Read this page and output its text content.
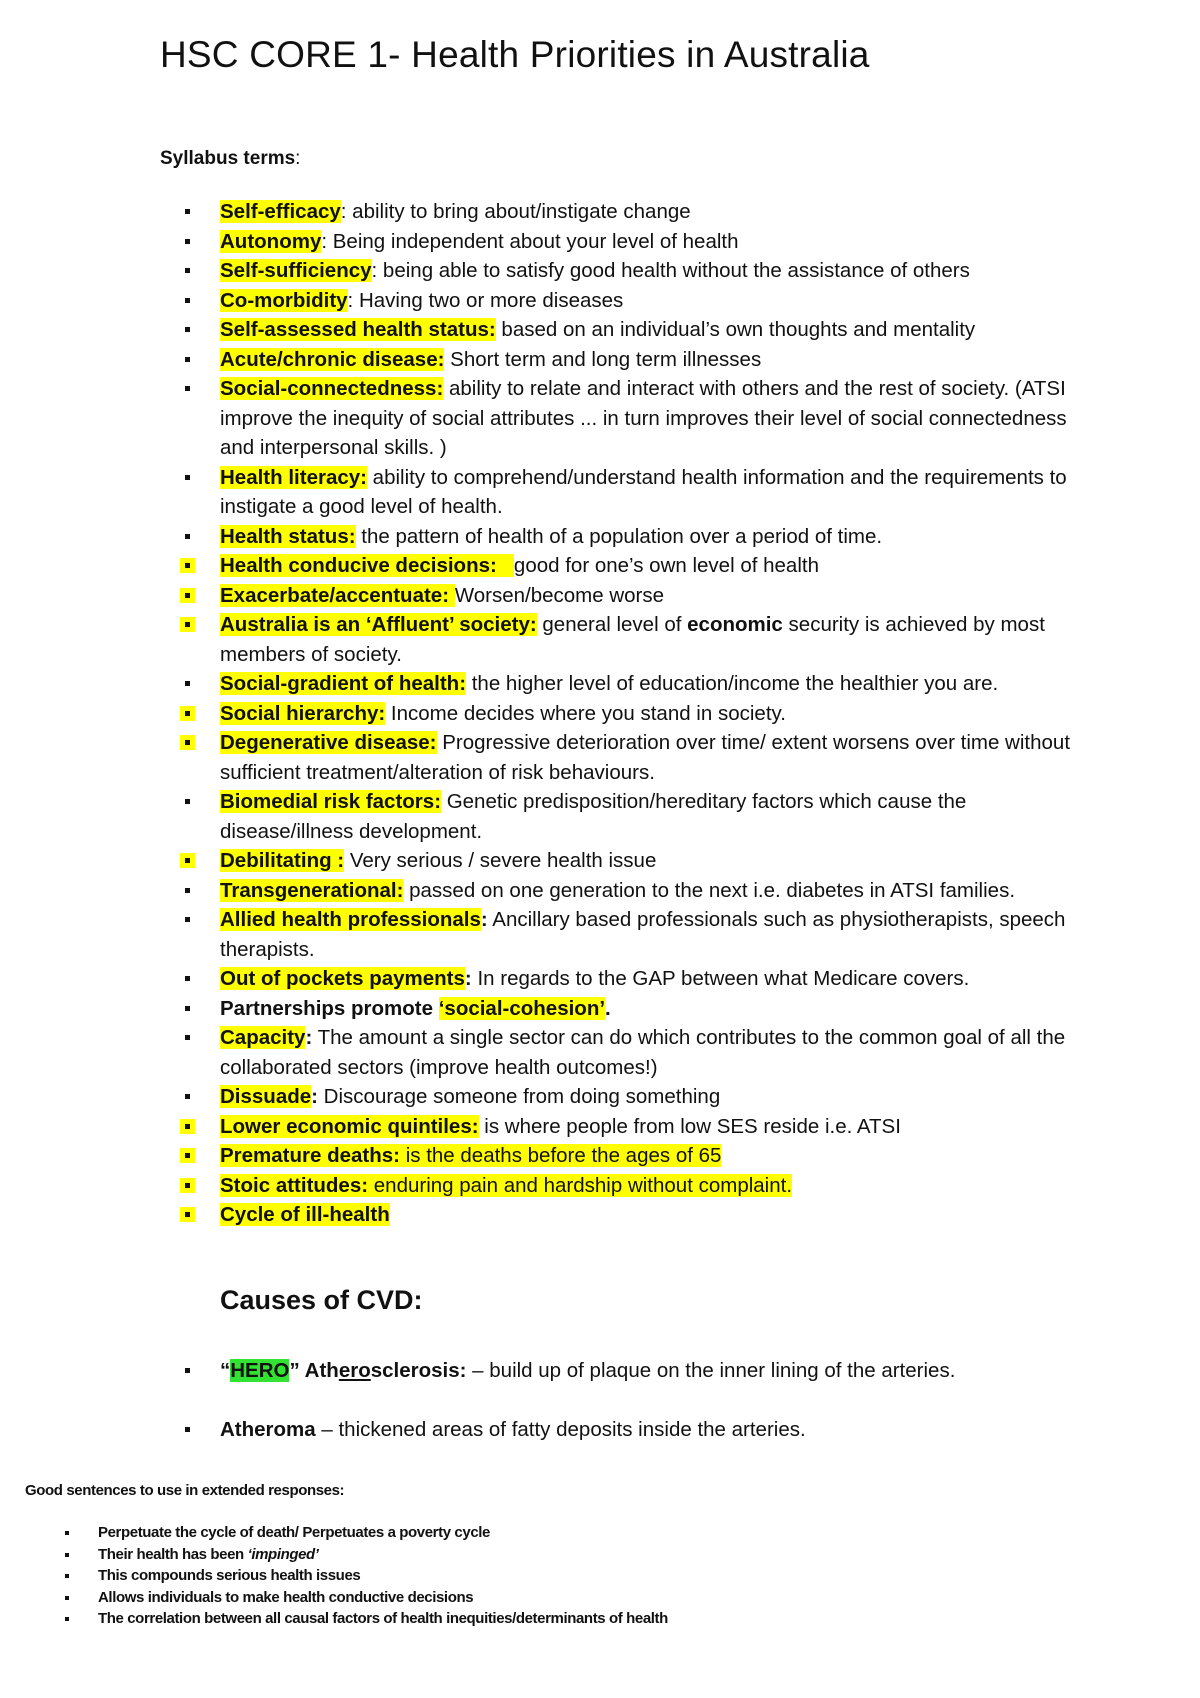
HSC CORE 1- Health Priorities in Australia

Syllabus terms:

Self-efficacy: ability to bring about/instigate change
Autonomy: Being independent about your level of health
Self-sufficiency: being able to satisfy good health without the assistance of others
Co-morbidity: Having two or more diseases
Self-assessed health status: based on an individual’s own thoughts and mentality
Acute/chronic disease: Short term and long term illnesses
Social-connectedness: ability to relate and interact with others and the rest of society. (ATSI improve the inequity of social attributes ... in turn improves their level of social connectedness and interpersonal skills. )
Health literacy: ability to comprehend/understand health information and the requirements to instigate a good level of health.
Health status: the pattern of health of a population over a period of time.
Health conducive decisions: good for one’s own level of health
Exacerbate/accentuate: Worsen/become worse
Australia is an ‘Affluent’ society: general level of economic security is achieved by most members of society.
Social-gradient of health: the higher level of education/income the healthier you are.
Social hierarchy: Income decides where you stand in society.
Degenerative disease: Progressive deterioration over time/ extent worsens over time without sufficient treatment/alteration of risk behaviours.
Biomedial risk factors: Genetic predisposition/hereditary factors which cause the disease/illness development.
Debilitating : Very serious / severe health issue
Transgenerational: passed on one generation to the next i.e. diabetes in ATSI families.
Allied health professionals: Ancillary based professionals such as physiotherapists, speech therapists.
Out of pockets payments: In regards to the GAP between what Medicare covers.
Partnerships promote ‘social-cohesion’.
Capacity: The amount a single sector can do which contributes to the common goal of all the collaborated sectors (improve health outcomes!)
Dissuade: Discourage someone from doing something
Lower economic quintiles: is where people from low SES reside i.e. ATSI
Premature deaths: is the deaths before the ages of 65
Stoic attitudes: enduring pain and hardship without complaint.
Cycle of ill-health
Causes of CVD:
“HERO” Atherosclerosis: – build up of plaque on the inner lining of the arteries.
Atheroma – thickened areas of fatty deposits inside the arteries.

Good sentences to use in extended responses:

Perpetuate the cycle of death/ Perpetuates a poverty cycle
Their health has been ‘impinged’
This compounds serious health issues
Allows individuals to make health conductive decisions
The correlation between all causal factors of health inequities/determinants of health
